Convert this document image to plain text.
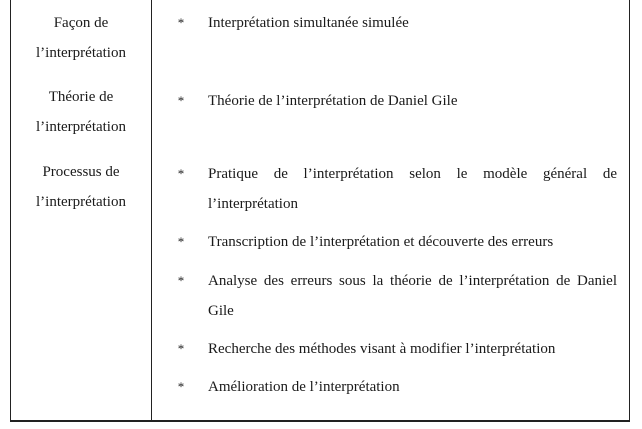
Façon de
l’interprétation
* Interprétation simultanée simulée
Théorie de
l’interprétation
* Théorie de l’interprétation de Daniel Gile
Processus de
l’interprétation
* Pratique de l’interprétation selon le modèle général de l’interprétation
* Transcription de l’interprétation et découverte des erreurs
* Analyse des erreurs sous la théorie de l’interprétation de Daniel Gile
* Recherche des méthodes visant à modifier l’interprétation
* Amélioration de l’interprétation
